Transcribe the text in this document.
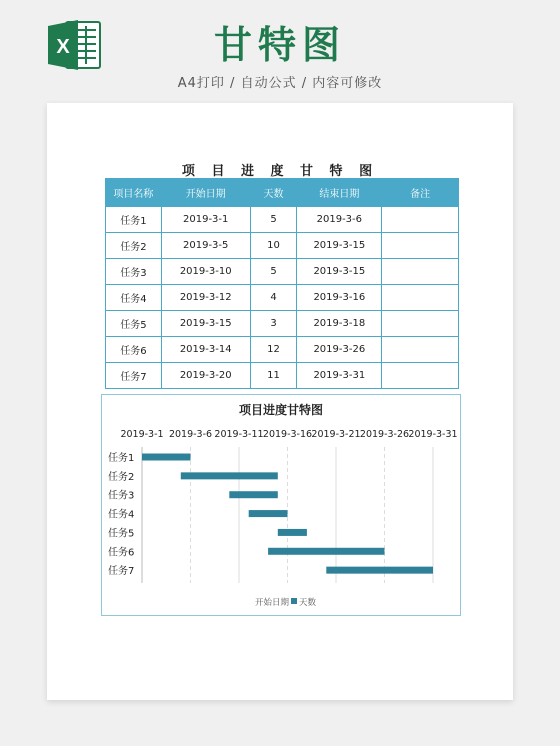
X	甘特图
A4打印 / 自动公式 / 内容可修改
项 目 进 度 甘 特 图
项目名称	开始日期	天数	结束日期	备注
任务1	2019-3-1	5	2019-3-6	
任务2	2019-3-5	10	2019-3-15	
任务3	2019-3-10	5	2019-3-15	
任务4	2019-3-12	4	2019-3-16	
任务5	2019-3-15	3	2019-3-18	
任务6	2019-3-14	12	2019-3-26	
任务7	2019-3-20	11	2019-3-31	
项目进度甘特图
2019-3-1 2019-3-6 2019-3-11 2019-3-16 2019-3-21 2019-3-26 2019-3-31
任务1
任务2
任务3
任务4
任务5
任务6
任务7
开始日期 天数
